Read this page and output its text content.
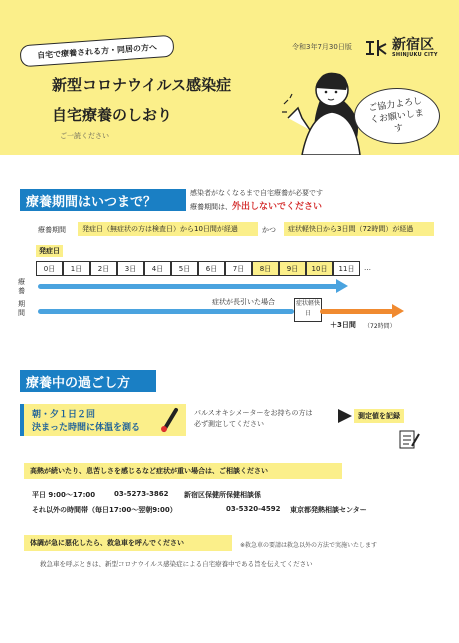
自宅で療養される方・同居の方へ	令和3年7月30日版	新宿区
SHINJUKU CITY
新型コロナウイルス感染症
自宅療養のしおり
ご一読ください
ご協力よろしくお願いします
療養期間はいつまで？
感染者がなくなるまで自宅療養が必要です
療養期間は、外出しないでください
療養期間	発症日（無症状の方は検査日）から10日間が経過	かつ	症状軽快日から3日間（72時間）が経過
発症日
0日	1日	2日	3日	4日	5日	6日	7日	8日	9日	10日	11日	…
療養
期間
症状が長引いた場合	症状軽快日
＋3日間 （72時間）
療養中の過ごし方
朝・夕１日２回
決まった時間に体温を測る
パルスオキシメーターをお持ちの方は
必ず測定してください
測定値を記録
高熱が続いたり、息苦しさを感じるなど症状が重い場合は、ご相談ください
平日 9:00～17:00	03-5273-3862 新宿区保健所保健相談係
それ以外の時間帯（毎日17:00～翌朝9:00）	03-5320-4592 東京都発熱相談センター
体調が急に悪化したら、救急車を呼んでください	※救急車の要請は救急以外の方法で実施いたします
救急車を呼ぶときは、新型コロナウイルス感染症による自宅療養中である旨を伝えてください
